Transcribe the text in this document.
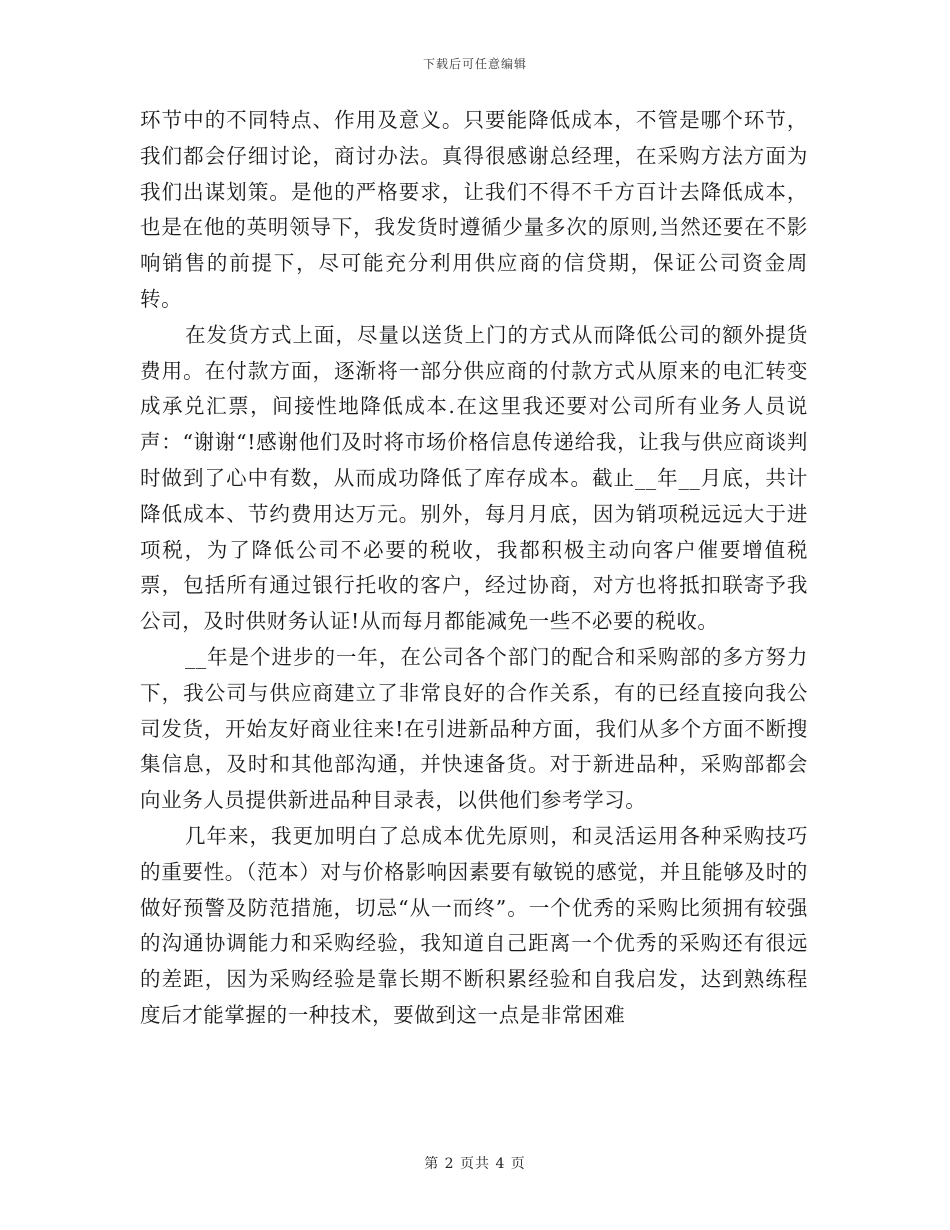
下载后可任意编辑

环节中的不同特点、作用及意义。只要能降低成本，不管是哪个环节，我们都会仔细讨论，商讨办法。真得很感谢总经理，在采购方法方面为我们出谋划策。是他的严格要求，让我们不得不千方百计去降低成本，也是在他的英明领导下，我发货时遵循少量多次的原则,当然还要在不影响销售的前提下，尽可能充分利用供应商的信贷期，保证公司资金周转。

在发货方式上面，尽量以送货上门的方式从而降低公司的额外提货费用。在付款方面，逐渐将一部分供应商的付款方式从原来的电汇转变成承兑汇票，间接性地降低成本.在这里我还要对公司所有业务人员说声：“谢谢“!感谢他们及时将市场价格信息传递给我，让我与供应商谈判时做到了心中有数，从而成功降低了库存成本。截止__年__月底，共计降低成本、节约费用达万元。别外，每月月底，因为销项税远远大于进项税，为了降低公司不必要的税收，我都积极主动向客户催要增值税票，包括所有通过银行托收的客户，经过协商，对方也将抵扣联寄予我公司，及时供财务认证!从而每月都能减免一些不必要的税收。

__年是个进步的一年，在公司各个部门的配合和采购部的多方努力下，我公司与供应商建立了非常良好的合作关系，有的已经直接向我公司发货，开始友好商业往来!在引进新品种方面，我们从多个方面不断搜集信息，及时和其他部沟通，并快速备货。对于新进品种，采购部都会向业务人员提供新进品种目录表，以供他们参考学习。

几年来，我更加明白了总成本优先原则，和灵活运用各种采购技巧的重要性。（范本）对与价格影响因素要有敏锐的感觉，并且能够及时的做好预警及防范措施，切忌“从一而终”。一个优秀的采购比须拥有较强的沟通协调能力和采购经验，我知道自己距离一个优秀的采购还有很远的差距，因为采购经验是靠长期不断积累经验和自我启发，达到熟练程度后才能掌握的一种技术，要做到这一点是非常困难

第 2 页共 4 页
